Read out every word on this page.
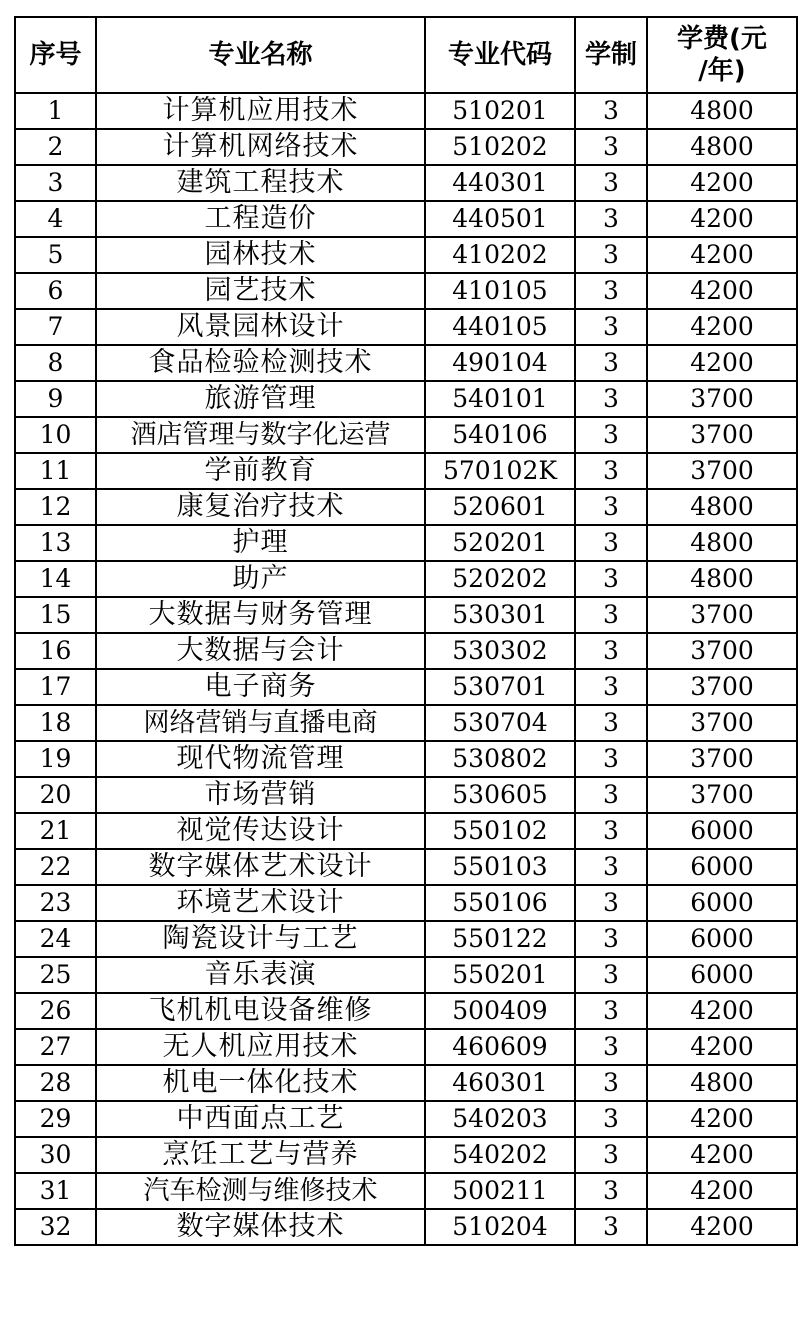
序号	专业名称	专业代码	学制	学费(元
/年)
1	计算机应用技术	510201	3	4800
2	计算机网络技术	510202	3	4800
3	建筑工程技术	440301	3	4200
4	工程造价	440501	3	4200
5	园林技术	410202	3	4200
6	园艺技术	410105	3	4200
7	风景园林设计	440105	3	4200
8	食品检验检测技术	490104	3	4200
9	旅游管理	540101	3	3700
10	酒店管理与数字化运营	540106	3	3700
11	学前教育	570102K	3	3700
12	康复治疗技术	520601	3	4800
13	护理	520201	3	4800
14	助产	520202	3	4800
15	大数据与财务管理	530301	3	3700
16	大数据与会计	530302	3	3700
17	电子商务	530701	3	3700
18	网络营销与直播电商	530704	3	3700
19	现代物流管理	530802	3	3700
20	市场营销	530605	3	3700
21	视觉传达设计	550102	3	6000
22	数字媒体艺术设计	550103	3	6000
23	环境艺术设计	550106	3	6000
24	陶瓷设计与工艺	550122	3	6000
25	音乐表演	550201	3	6000
26	飞机机电设备维修	500409	3	4200
27	无人机应用技术	460609	3	4200
28	机电一体化技术	460301	3	4800
29	中西面点工艺	540203	3	4200
30	烹饪工艺与营养	540202	3	4200
31	汽车检测与维修技术	500211	3	4200
32	数字媒体技术	510204	3	4200
